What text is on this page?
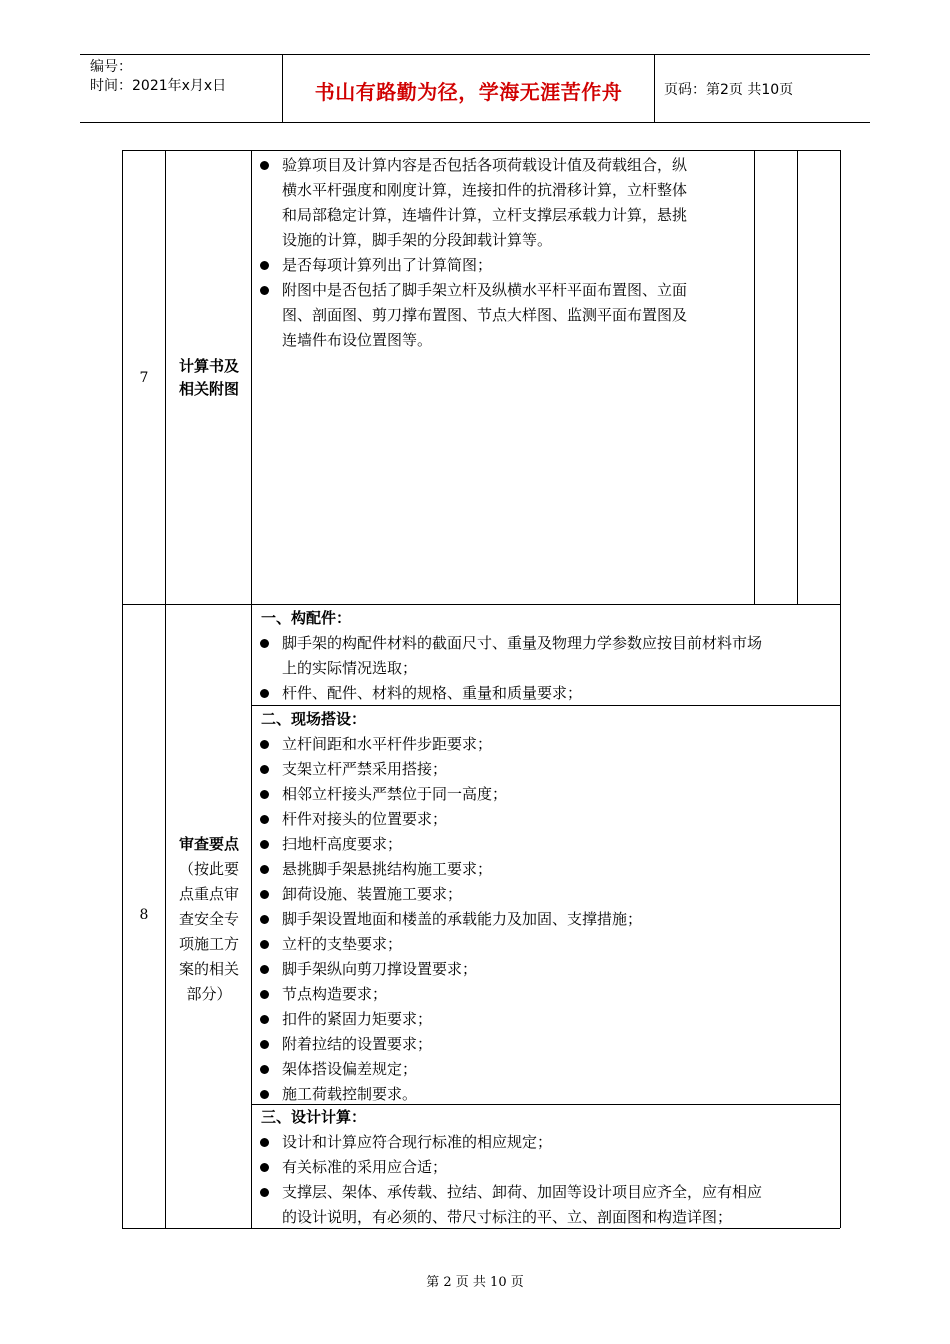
编号：
时间：2021年x月x日	书山有路勤为径，学海无涯苦作舟	页码：第2页 共10页
7
计算书及
相关附图
验算项目及计算内容是否包括各项荷载设计值及荷载组合，纵
横水平杆强度和刚度计算，连接扣件的抗滑移计算，立杆整体
和局部稳定计算，连墙件计算，立杆支撑层承载力计算，悬挑
设施的计算，脚手架的分段卸载计算等。
是否每项计算列出了计算简图；
附图中是否包括了脚手架立杆及纵横水平杆平面布置图、立面
图、剖面图、剪刀撑布置图、节点大样图、监测平面布置图及
连墙件布设位置图等。
8
审查要点
（按此要
点重点审
查安全专
项施工方
案的相关
部分）
一、构配件：
脚手架的构配件材料的截面尺寸、重量及物理力学参数应按目前材料市场
上的实际情况选取；
杆件、配件、材料的规格、重量和质量要求；
二、现场搭设：
立杆间距和水平杆件步距要求；
支架立杆严禁采用搭接；
相邻立杆接头严禁位于同一高度；
杆件对接头的位置要求；
扫地杆高度要求；
悬挑脚手架悬挑结构施工要求；
卸荷设施、装置施工要求；
脚手架设置地面和楼盖的承载能力及加固、支撑措施；
立杆的支垫要求；
脚手架纵向剪刀撑设置要求；
节点构造要求；
扣件的紧固力矩要求；
附着拉结的设置要求；
架体搭设偏差规定；
施工荷载控制要求。
三、设计计算：
设计和计算应符合现行标准的相应规定；
有关标准的采用应合适；
支撑层、架体、承传载、拉结、卸荷、加固等设计项目应齐全，应有相应
的设计说明，有必须的、带尺寸标注的平、立、剖面图和构造详图；
第 2 页 共 10 页
